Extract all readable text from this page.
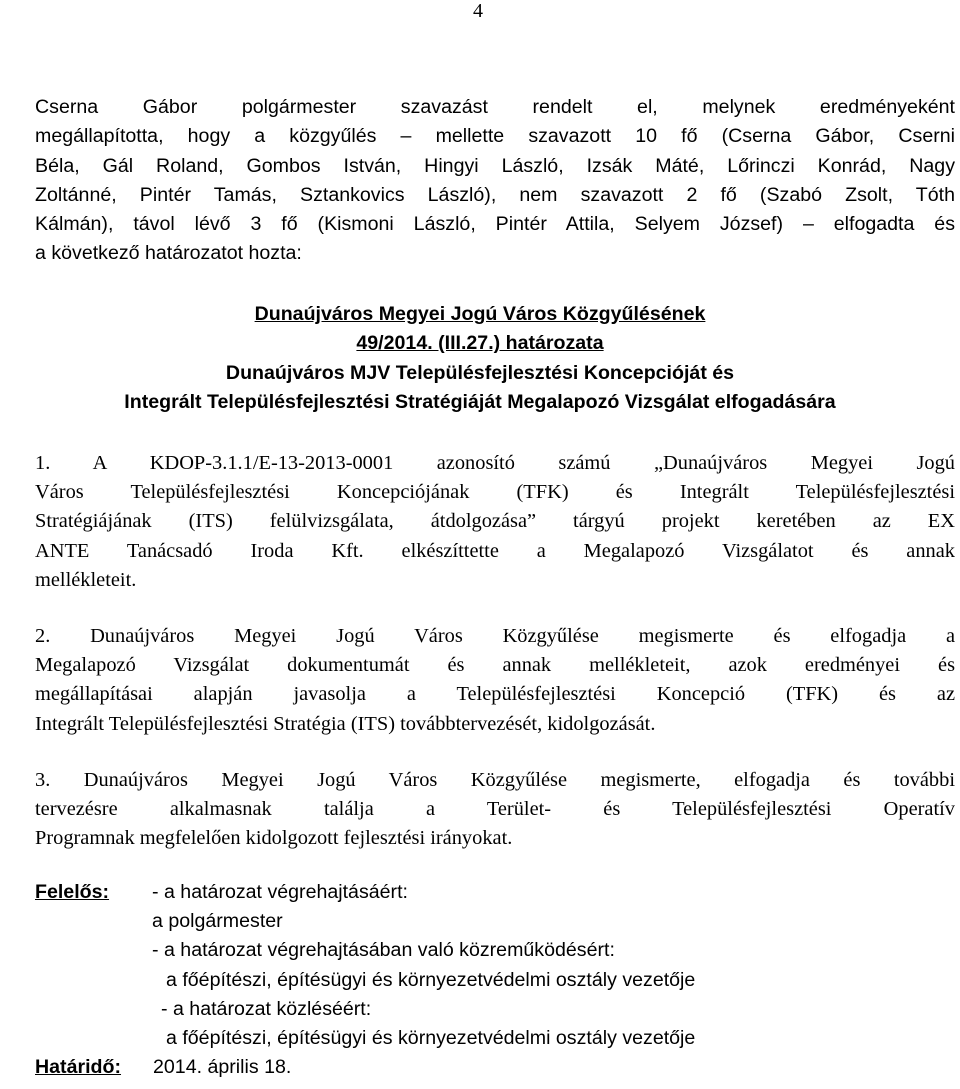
4
Cserna Gábor polgármester szavazást rendelt el, melynek eredményeként
megállapította, hogy a közgyűlés – mellette szavazott 10 fő (Cserna Gábor, Cserni
Béla, Gál Roland, Gombos István, Hingyi László, Izsák Máté, Lőrinczi Konrád, Nagy
Zoltánné, Pintér Tamás, Sztankovics László), nem szavazott 2 fő (Szabó Zsolt, Tóth
Kálmán), távol lévő 3 fő (Kismoni László, Pintér Attila, Selyem József) – elfogadta és
a következő határozatot hozta:
Dunaújváros Megyei Jogú Város Közgyűlésének
49/2014. (III.27.) határozata
Dunaújváros MJV Településfejlesztési Koncepcióját és
Integrált Településfejlesztési Stratégiáját Megalapozó Vizsgálat elfogadására
1. A KDOP-3.1.1/E-13-2013-0001 azonosító számú „Dunaújváros Megyei Jogú
Város Településfejlesztési Koncepciójának (TFK) és Integrált Településfejlesztési
Stratégiájának (ITS) felülvizsgálata, átdolgozása” tárgyú projekt keretében az EX
ANTE Tanácsadó Iroda Kft. elkészíttette a Megalapozó Vizsgálatot és annak
mellékleteit.
2. Dunaújváros Megyei Jogú Város Közgyűlése megismerte és elfogadja a
Megalapozó Vizsgálat dokumentumát és annak mellékleteit, azok eredményei és
megállapításai alapján javasolja a Településfejlesztési Koncepció (TFK) és az
Integrált Településfejlesztési Stratégia (ITS) továbbtervezését, kidolgozását.
3. Dunaújváros Megyei Jogú Város Közgyűlése megismerte, elfogadja és további
tervezésre alkalmasnak találja a Terület- és Településfejlesztési Operatív
Programnak megfelelően kidolgozott fejlesztési irányokat.
Felelős: - a határozat végrehajtásáért:
a polgármester
- a határozat végrehajtásában való közreműködésért:
a főépítészi, építésügyi és környezetvédelmi osztály vezetője
- a határozat közléséért:
a főépítészi, építésügyi és környezetvédelmi osztály vezetője
Határidő: 2014. április 18.
